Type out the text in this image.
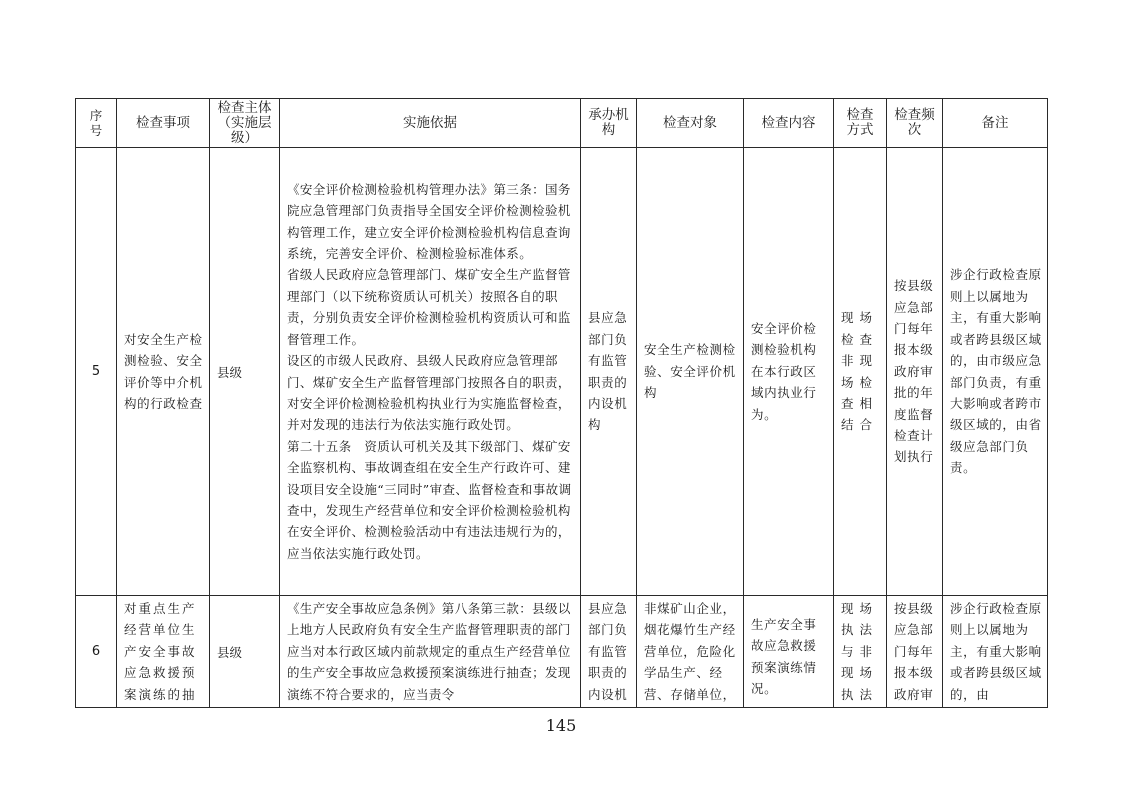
序号	检查事项	检查主体（实施层级）	实施依据	承办机构	检查对象	检查内容	检查方式	检查频次	备注
5	对安全生产检测检验、安全评价等中介机构的行政检查	县级	《安全评价检测检验机构管理办法》第三条：国务院应急管理部门负责指导全国安全评价检测检验机构管理工作，建立安全评价检测检验机构信息查询系统，完善安全评价、检测检验标准体系。

省级人民政府应急管理部门、煤矿安全生产监督管理部门（以下统称资质认可机关）按照各自的职责，分别负责安全评价检测检验机构资质认可和监督管理工作。

设区的市级人民政府、县级人民政府应急管理部门、煤矿安全生产监督管理部门按照各自的职责，对安全评价检测检验机构执业行为实施监督检查，并对发现的违法行为依法实施行政处罚。

第二十五条　资质认可机关及其下级部门、煤矿安全监察机构、事故调查组在安全生产行政许可、建设项目安全设施“三同时”审查、监督检查和事故调查中，发现生产经营单位和安全评价检测检验机构在安全评价、检测检验活动中有违法违规行为的，应当依法实施行政处罚。	县应急部门负有监管职责的内设机构	安全生产检测检验、安全评价机构	安全评价检测检验机构在本行政区域内执业行为。	现场检查非现场检查相结合	按县级应急部门每年报本级政府审批的年度监督检查计划执行	涉企行政检查原则上以属地为主，有重大影响或者跨县级区域的，由市级应急部门负责，有重大影响或者跨市级区域的，由省级应急部门负责。
6	对重点生产经营单位生产安全事故应急救援预案演练的抽	县级	《生产安全事故应急条例》第八条第三款：县级以上地方人民政府负有安全生产监督管理职责的部门应当对本行政区域内前款规定的重点生产经营单位的生产安全事故应急救援预案演练进行抽查；发现演练不符合要求的，应当责令	县应急部门负有监管职责的内设机	非煤矿山企业，烟花爆竹生产经营单位，危险化学品生产、经营、存储单位，	生产安全事故应急救援预案演练情况。	现场执法与非现场执法	按县级应急部门每年报本级政府审	涉企行政检查原则上以属地为主，有重大影响或者跨县级区域的，由
145
